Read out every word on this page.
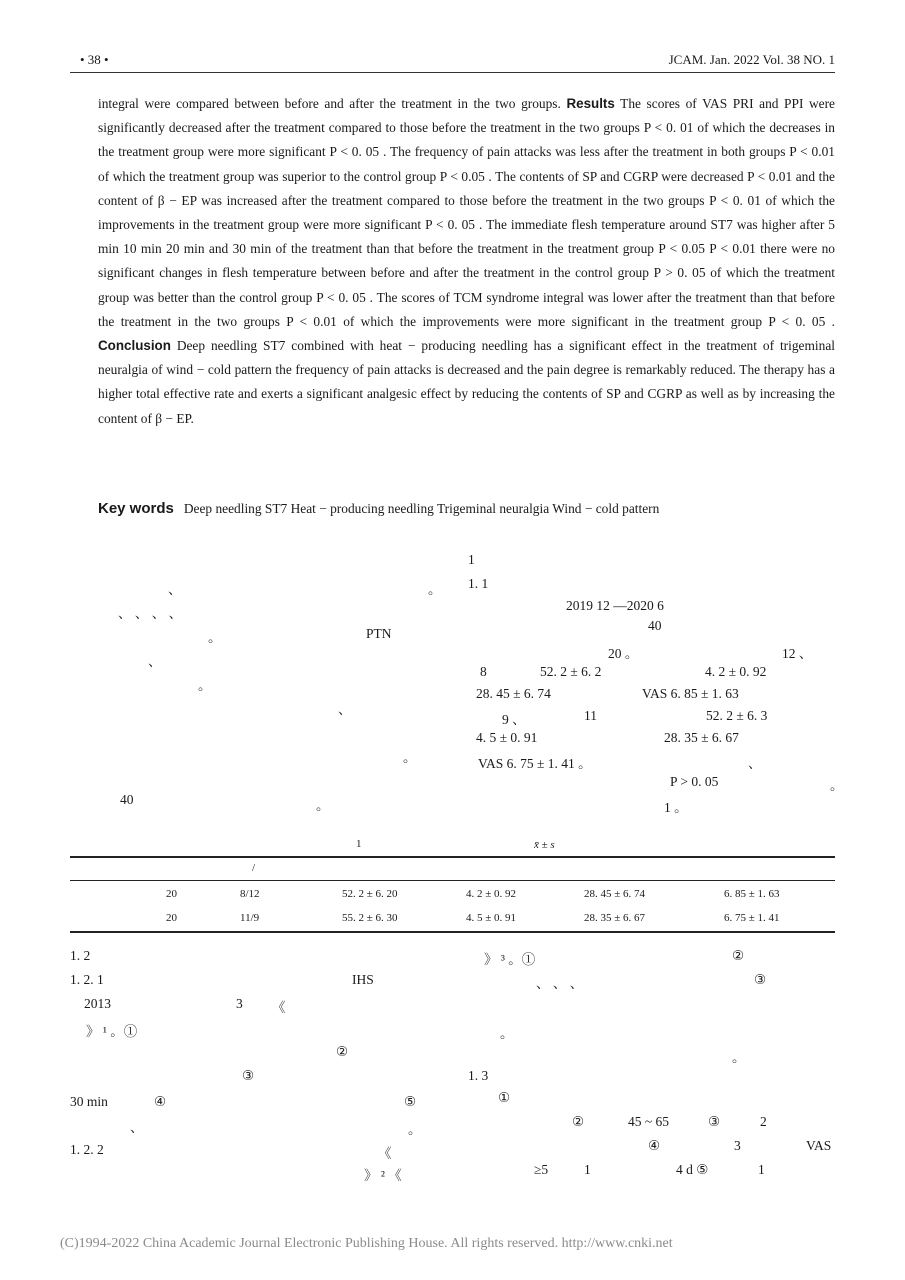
• 38 •	JCAM. Jan. 2022 Vol. 38 NO. 1

integral were compared between before and after the treatment in the two groups. Results The scores of VAS PRI and PPI were significantly decreased after the treatment compared to those before the treatment in the two groups P < 0. 01 of which the decreases in the treatment group were more significant P < 0. 05 . The frequency of pain attacks was less after the treatment in both groups P < 0.01 of which the treatment group was superior to the control group P < 0.05 . The contents of SP and CGRP were decreased P < 0.01 and the content of β − EP was increased after the treatment compared to those before the treatment in the two groups P < 0. 01 of which the improvements in the treatment group were more significant P < 0. 05 . The immediate flesh temperature around ST7 was higher after 5 min 10 min 20 min and 30 min of the treatment than that before the treatment in the treatment group P < 0.05 P < 0.01 there were no significant changes in flesh temperature between before and after the treatment in the control group P > 0. 05 of which the treatment group was better than the control group P < 0. 05 . The scores of TCM syndrome integral was lower after the treatment than that before the treatment in the two groups P < 0.01 of which the improvements were more significant in the treatment group P < 0. 05 . Conclusion Deep needling ST7 combined with heat − producing needling has a significant effect in the treatment of trigeminal neuralgia of wind − cold pattern the frequency of pain attacks is decreased and the pain degree is remarkably reduced. The therapy has a higher total effective rate and exerts a significant analgesic effect by reducing the contents of SP and CGRP as well as by increasing the content of β − EP.

Key words Deep needling ST7 Heat − producing needling Trigeminal neuralgia Wind − cold pattern
、	。
、 、 、 、
。	PTN
、
。
、
。
40	。
1
1. 1
2019 12 —2020 6
40
20 。	12 、
8	52. 2 ± 6. 2	4. 2 ± 0. 92
28. 45 ± 6. 74	VAS 6. 85 ± 1. 63
9 、	11	52. 2 ± 6. 3
4. 5 ± 0. 91	28. 35 ± 6. 67
VAS 6. 75 ± 1. 41 。	、
P > 0. 05	。
1 。
1	x̄ ± s
/
20	8/12	52. 2 ± 6. 20	4. 2 ± 0. 92	28. 45 ± 6. 74	6. 85 ± 1. 63
20	11/9	55. 2 ± 6. 30	4. 5 ± 0. 91	28. 35 ± 6. 67	6. 75 ± 1. 41
1. 2
1. 2. 1	IHS
2013	3 《
》 ¹ 。①
②
③
30 min	④	⑤
、	。
1. 2. 2	《
》 ² 《
》 ³ 。①	②
、 、 、	③
。
。
1. 3
①
②	45 ~ 65	③	2
④	3	VAS
≥5	1	4 d ⑤	1
(C)1994-2022 China Academic Journal Electronic Publishing House. All rights reserved. http://www.cnki.net
